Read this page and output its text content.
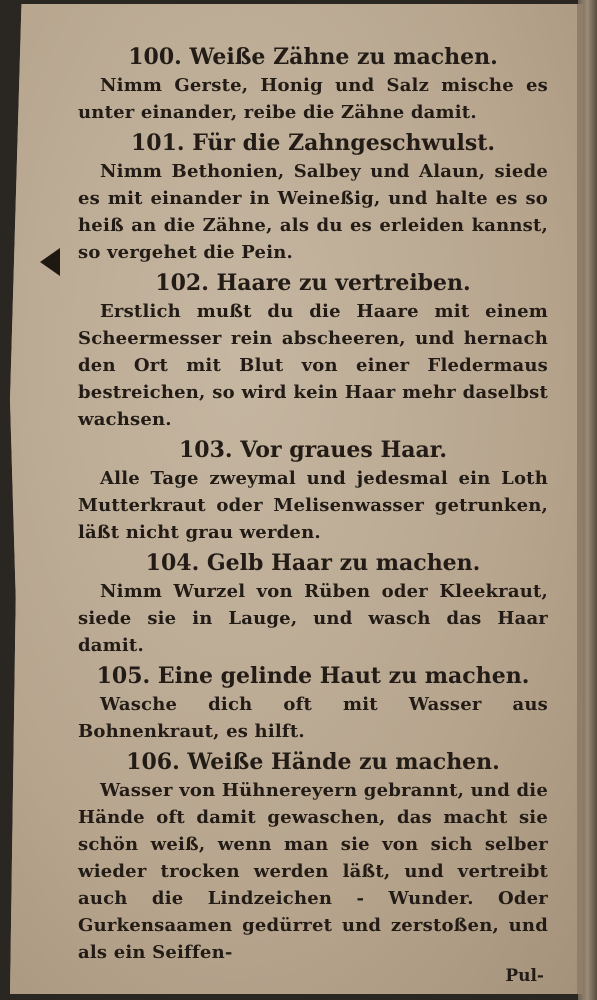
100. Weiße Zähne zu machen.

Nimm Gerste, Honig und Salz mische es unter einander, reibe die Zähne damit.

101. Für die Zahngeschwulst.

Nimm Bethonien, Salbey und Alaun, siede es mit einander in Weineßig, und halte es so heiß an die Zähne, als du es erleiden kannst, so vergehet die Pein.

102. Haare zu vertreiben.

Erstlich mußt du die Haare mit einem Scheermesser rein abscheeren, und hernach den Ort mit Blut von einer Fledermaus bestreichen, so wird kein Haar mehr daselbst wachsen.

103. Vor graues Haar.

Alle Tage zweymal und jedesmal ein Loth Mutterkraut oder Melisenwasser getrunken, läßt nicht grau werden.

104. Gelb Haar zu machen.

Nimm Wurzel von Rüben oder Kleekraut, siede sie in Lauge, und wasch das Haar damit.

105. Eine gelinde Haut zu machen.

Wasche dich oft mit Wasser aus Bohnenkraut, es hilft.

106. Weiße Hände zu machen.

Wasser von Hühnereyern gebrannt, und die Hände oft damit gewaschen, das macht sie schön weiß, wenn man sie von sich selber wieder trocken werden läßt, und vertreibt auch die Lindzeichen - Wunder. Oder Gurkensaamen gedürret und zerstoßen, und als ein Seiffen-

Pul-
